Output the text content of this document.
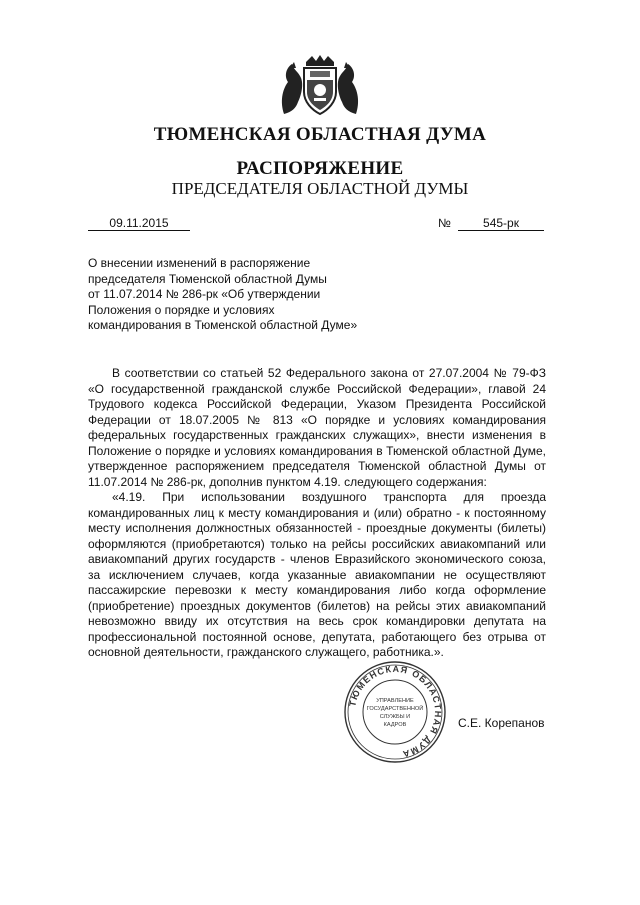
ТЮМЕНСКАЯ ОБЛАСТНАЯ ДУМА
РАСПОРЯЖЕНИЕ
ПРЕДСЕДАТЕЛЯ ОБЛАСТНОЙ ДУМЫ
09.11.2015	№	545-рк
О внесении изменений в распоряжение
председателя Тюменской областной Думы
от 11.07.2014 № 286-рк «Об утверждении
Положения о порядке и условиях
командирования в Тюменской областной Думе»

В соответствии со статьей 52 Федерального закона от 27.07.2004 № 79-ФЗ «О государственной гражданской службе Российской Федерации», главой 24 Трудового кодекса Российской Федерации, Указом Президента Российской Федерации от 18.07.2005 № 813 «О порядке и условиях командирования федеральных государственных гражданских служащих», внести изменения в Положение о порядке и условиях командирования в Тюменской областной Думе, утвержденное распоряжением председателя Тюменской областной Думы от 11.07.2014 № 286-рк, дополнив пунктом 4.19. следующего содержания:

«4.19. При использовании воздушного транспорта для проезда командированных лиц к месту командирования и (или) обратно - к постоянному месту исполнения должностных обязанностей - проездные документы (билеты) оформляются (приобретаются) только на рейсы российских авиакомпаний или авиакомпаний других государств - членов Евразийского экономического союза, за исключением случаев, когда указанные авиакомпании не осуществляют пассажирские перевозки к месту командирования либо когда оформление (приобретение) проездных документов (билетов) на рейсы этих авиакомпаний невозможно ввиду их отсутствия на весь срок командировки депутата на профессиональной постоянной основе, депутата, работающего без отрыва от основной деятельности, гражданского служащего, работника.».

ТЮМЕНСКАЯ ОБЛАСТНАЯ ДУМА
УПРАВЛЕНИЕ
ГОСУДАРСТВЕННОЙ
СЛУЖБЫ И
КАДРОВ	С.Е. Корепанов
